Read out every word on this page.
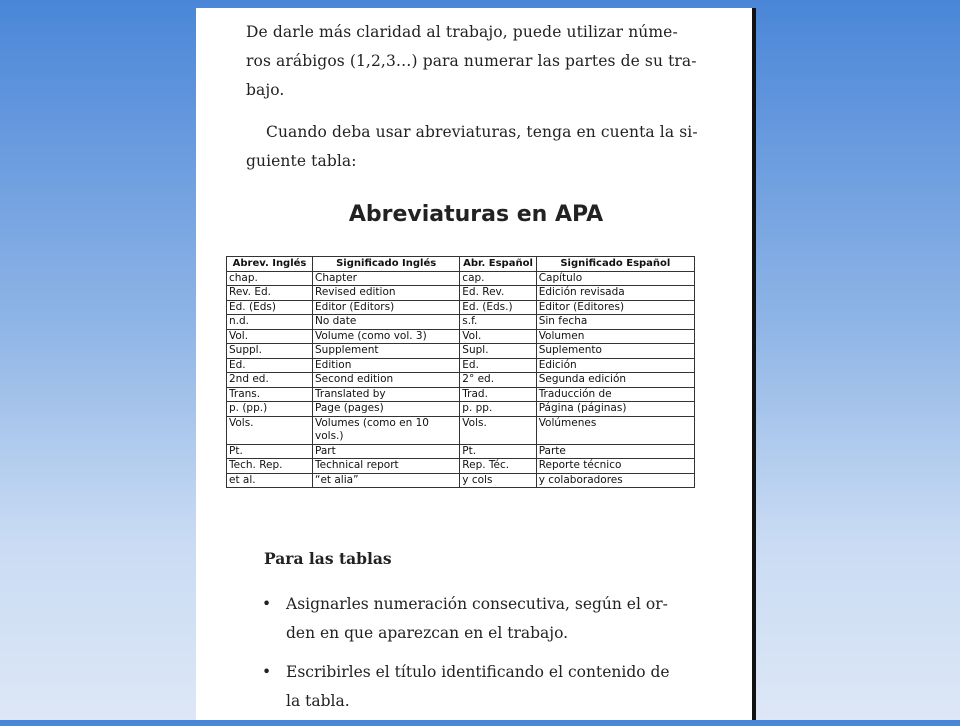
De darle más claridad al trabajo, puede utilizar núme-
ros arábigos (1,2,3…) para numerar las partes de su tra-
bajo.

Cuando deba usar abreviaturas, tenga en cuenta la si-
guiente tabla:

Abreviaturas en APA
Abrev. Inglés	Significado Inglés	Abr. Español	Significado Español
chap.	Chapter	cap.	Capítulo
Rev. Ed.	Revised edition	Ed. Rev.	Edición revisada
Ed. (Eds)	Editor (Editors)	Ed. (Eds.)	Editor (Editores)
n.d.	No date	s.f.	Sin fecha
Vol.	Volume (como vol. 3)	Vol.	Volumen
Suppl.	Supplement	Supl.	Suplemento
Ed.	Edition	Ed.	Edición
2nd ed.	Second edition	2° ed.	Segunda edición
Trans.	Translated by	Trad.	Traducción de
p. (pp.)	Page (pages)	p. pp.	Página (páginas)
Vols.	Volumes (como en 10 vols.)	Vols.	Volúmenes
Pt.	Part	Pt.	Parte
Tech. Rep.	Technical report	Rep. Téc.	Reporte técnico
et al.	“et alia”	y cols	y colaboradores
Para las tablas
• Asignarles numeración consecutiva, según el or-
den en que aparezcan en el trabajo.
• Escribirles el título identificando el contenido de
la tabla.
